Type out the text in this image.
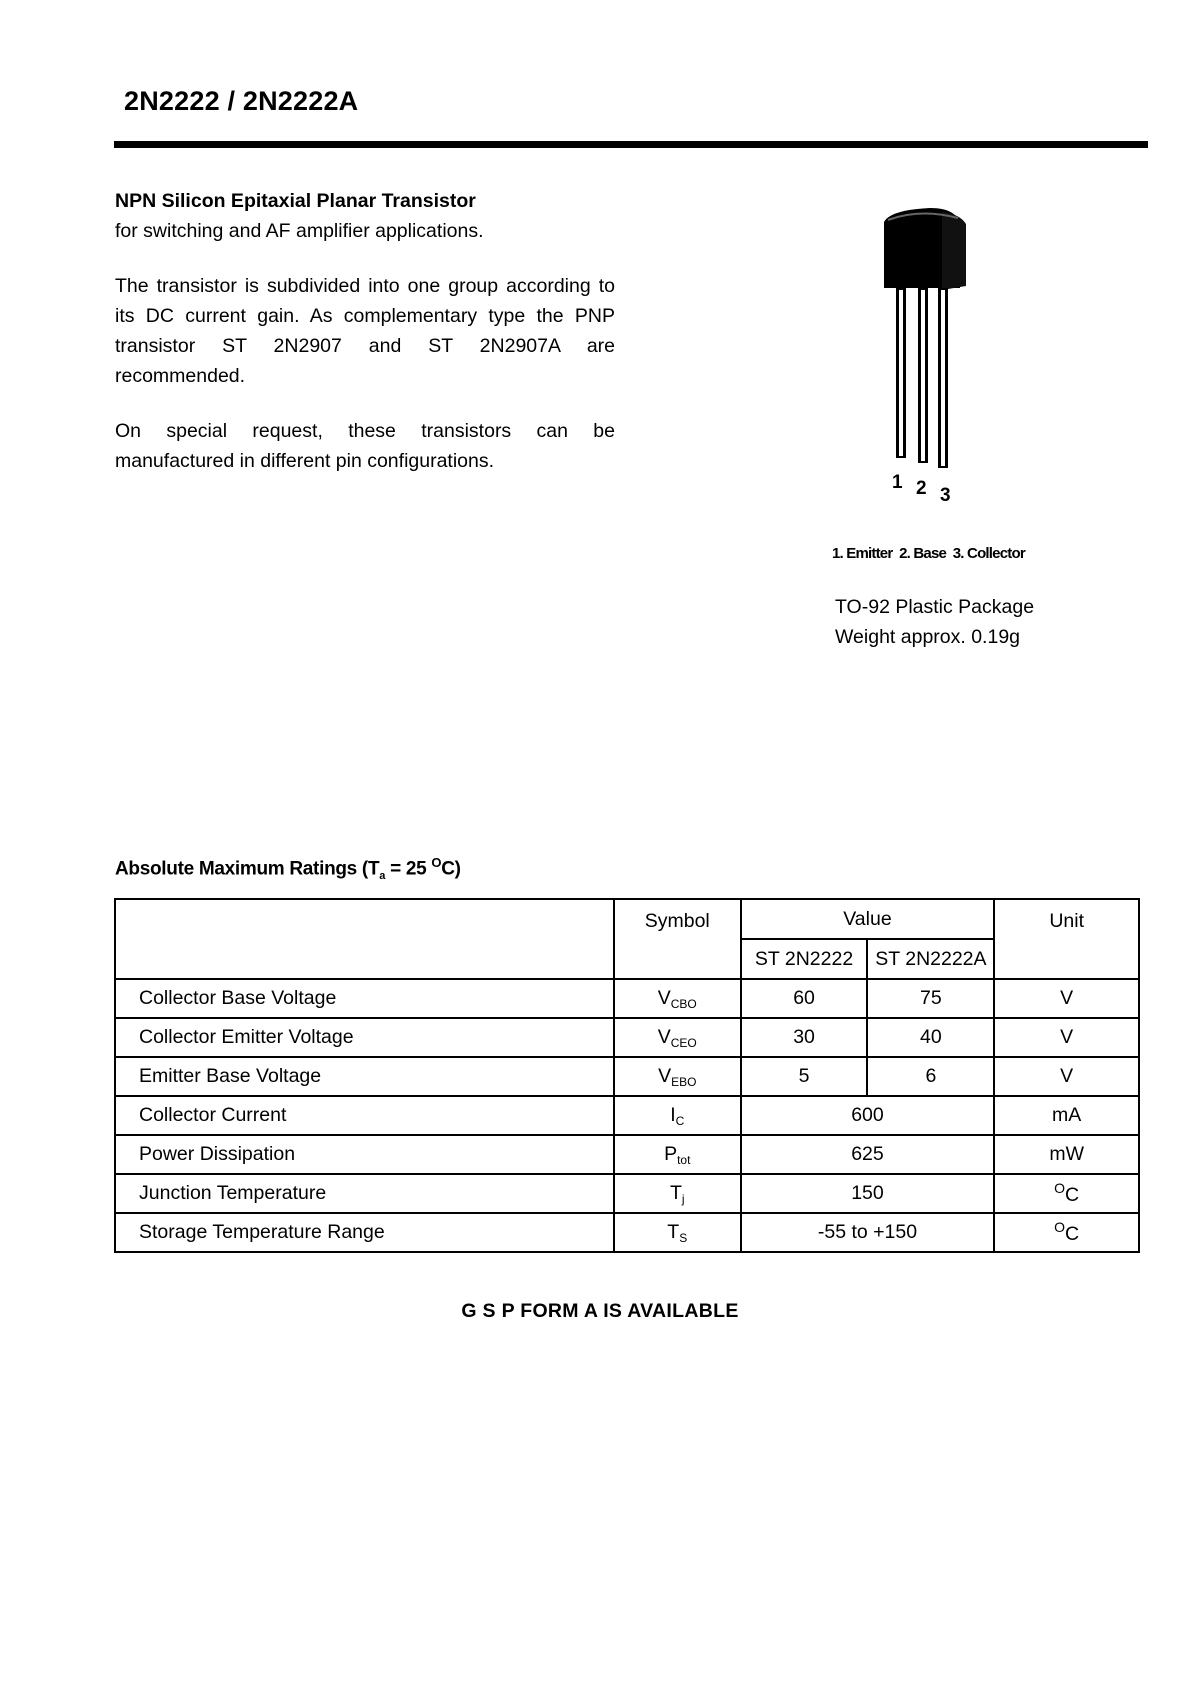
2N2222 / 2N2222A

NPN Silicon Epitaxial Planar Transistor

for switching and AF amplifier applications.

The transistor is subdivided into one group according to its DC current gain. As complementary type the PNP transistor ST 2N2907 and ST 2N2907A are recommended.

On special request, these transistors can be manufactured in different pin configurations.

1 2 3
1. Emitter  2. Base  3. Collector
TO-92 Plastic Package
Weight approx. 0.19g
Absolute Maximum Ratings ($T_a = 25$ $^O$C)
	Symbol	Value		Unit
		ST 2N2222	ST 2N2222A	
Collector Base Voltage	$V_{CBO}$	60	75	V
Collector Emitter Voltage	$V_{CEO}$	30	40	V
Emitter Base Voltage	$V_{EBO}$	5	6	V
Collector Current	$I_C$	600		mA
Power Dissipation	$P_{tot}$	625		mW
Junction Temperature	$T_j$	150		$^O$C
Storage Temperature Range	$T_S$	-55 to +150		$^O$C
G S P FORM A IS AVAILABLE
